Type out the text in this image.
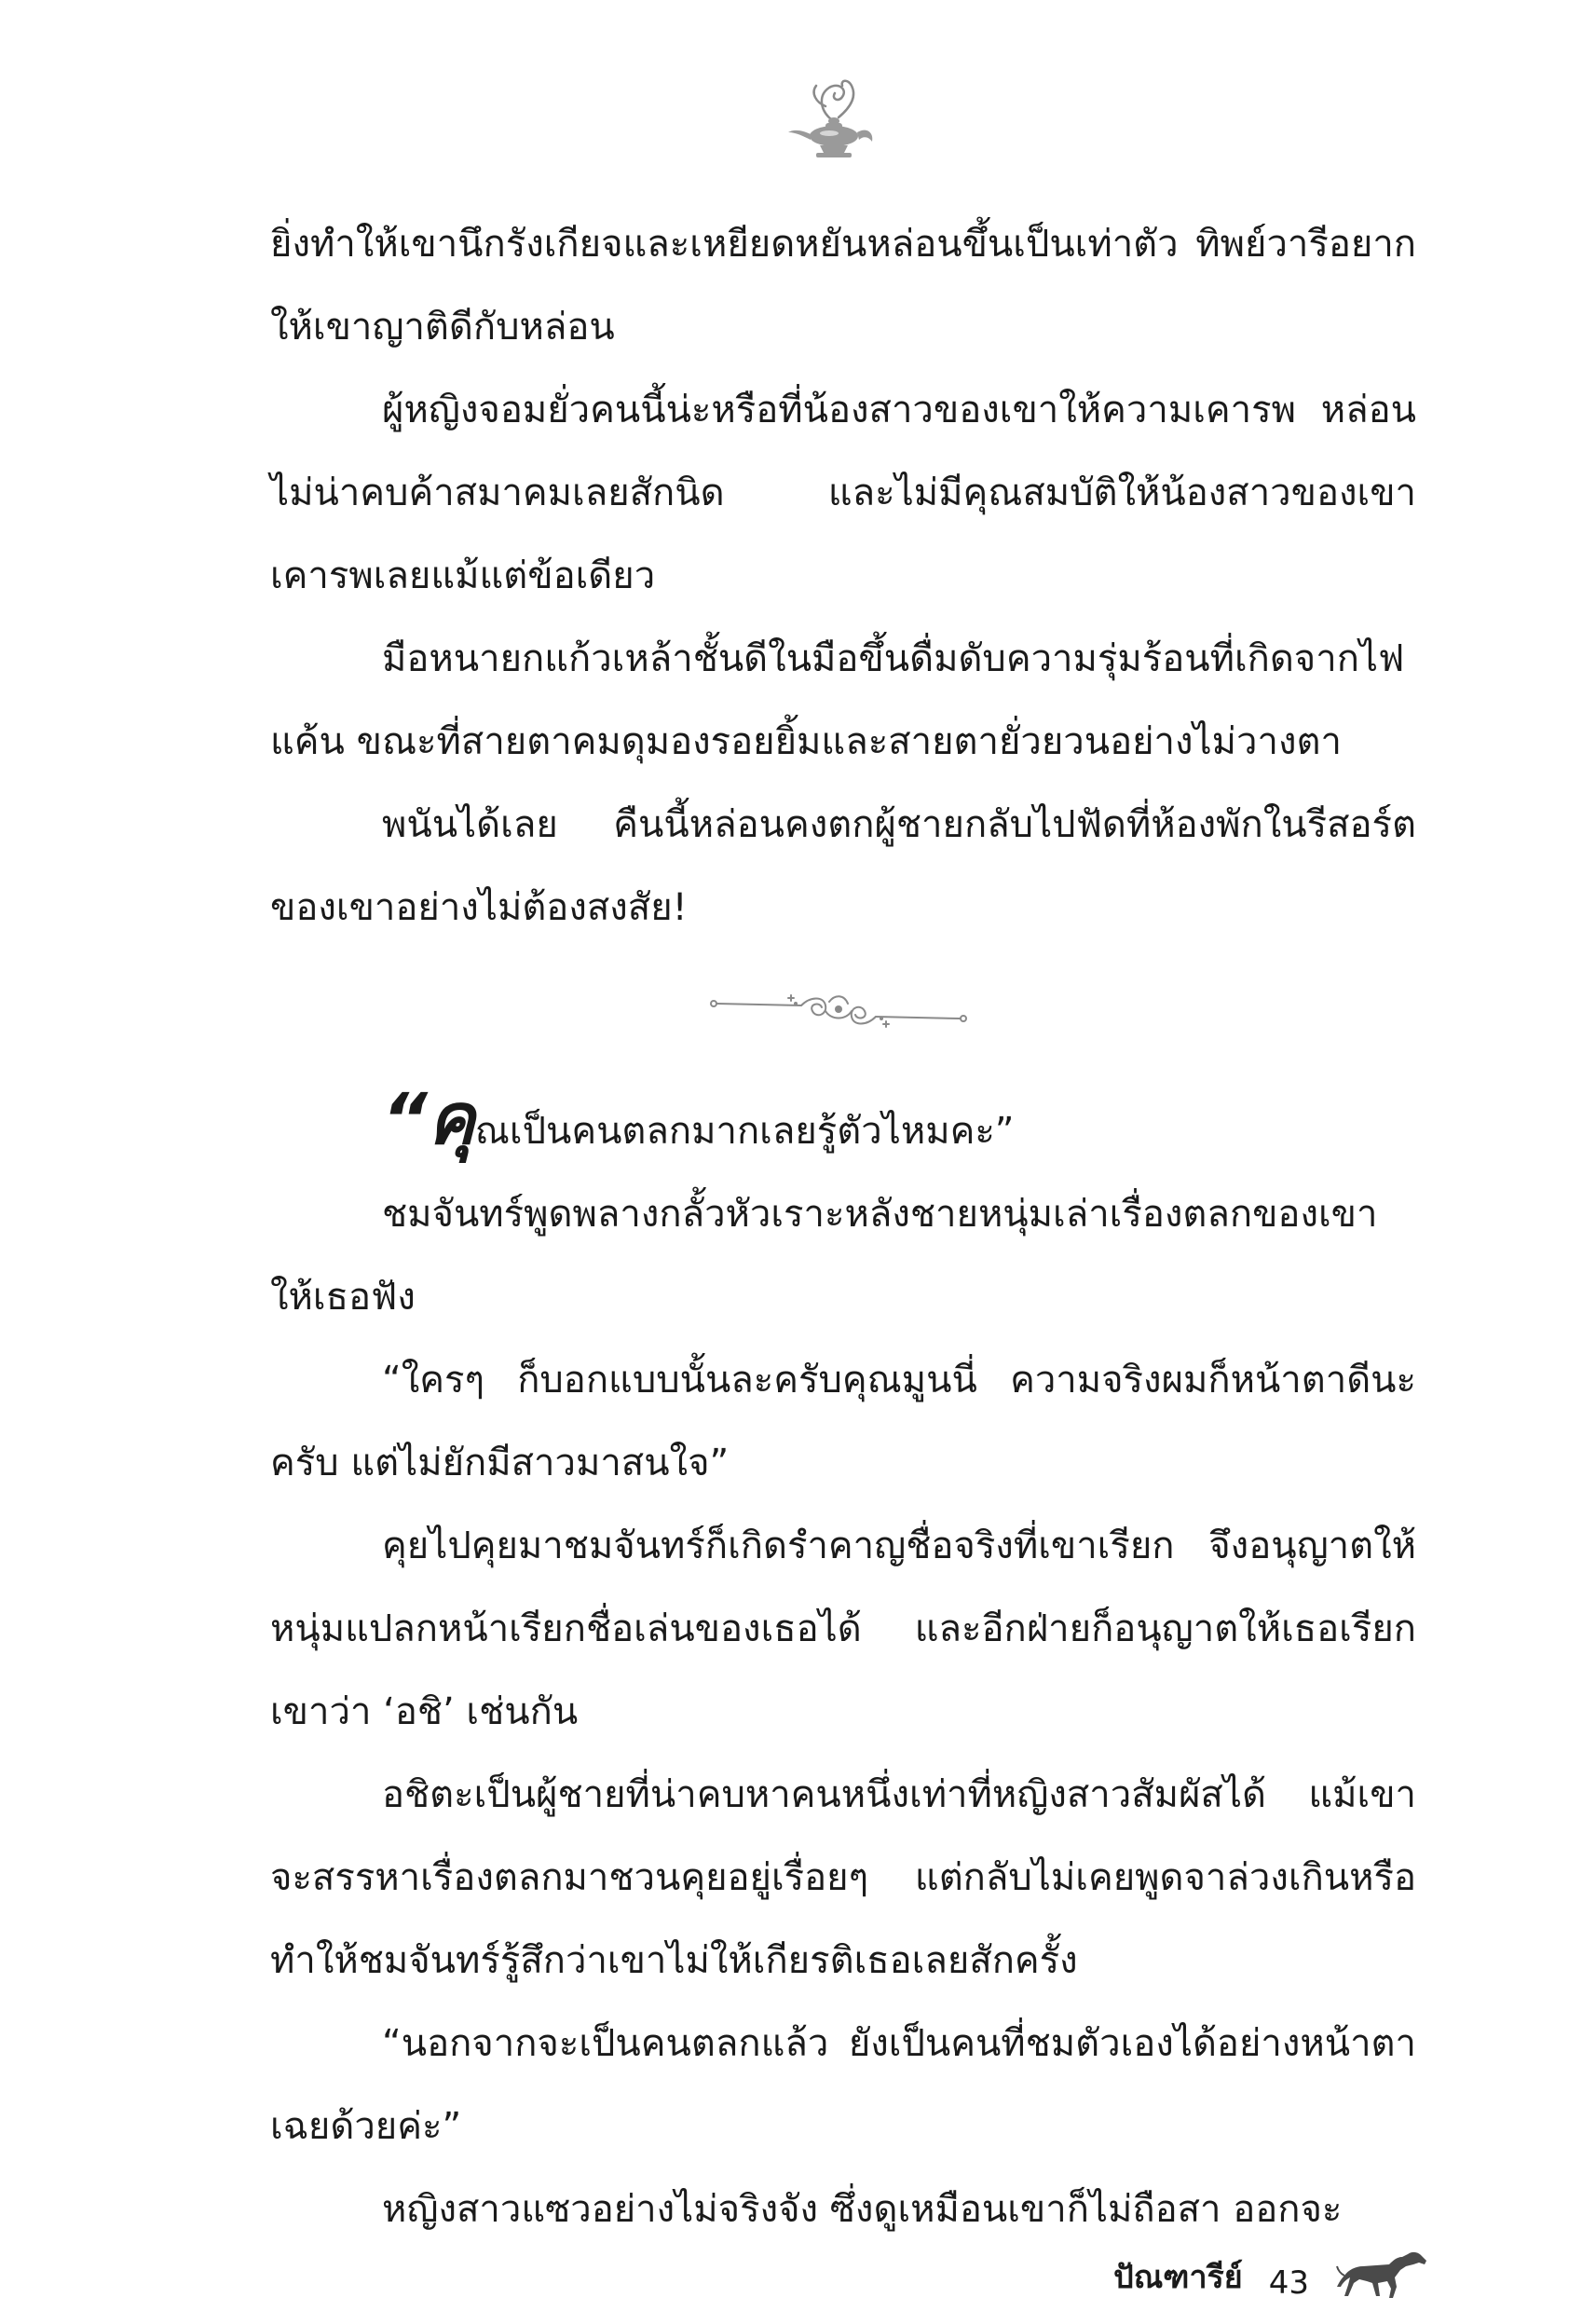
ยิ่งทำให้เขานึกรังเกียจและเหยียดหยันหล่อนขึ้นเป็นเท่าตัว ทิพย์วารีอยากให้เขาญาติดีกับหล่อน

ผู้หญิงจอมยั่วคนนี้น่ะหรือที่น้องสาวของเขาให้ความเคารพ หล่อนไม่น่าคบค้าสมาคมเลยสักนิด และไม่มีคุณสมบัติให้น้องสาวของเขาเคารพเลยแม้แต่ข้อเดียว

มือหนายกแก้วเหล้าชั้นดีในมือขึ้นดื่มดับความรุ่มร้อนที่เกิดจากไฟแค้น ขณะที่สายตาคมดุมองรอยยิ้มและสายตายั่วยวนอย่างไม่วางตา

พนันได้เลย คืนนี้หล่อนคงตกผู้ชายกลับไปฟัดที่ห้องพักในรีสอร์ตของเขาอย่างไม่ต้องสงสัย!

“คุณเป็นคนตลกมากเลยรู้ตัวไหมคะ”

ชมจันทร์พูดพลางกลั้วหัวเราะหลังชายหนุ่มเล่าเรื่องตลกของเขาให้เธอฟัง

“ใครๆ ก็บอกแบบนั้นละครับคุณมูนนี่ ความจริงผมก็หน้าตาดีนะครับ แต่ไม่ยักมีสาวมาสนใจ”

คุยไปคุยมาชมจันทร์ก็เกิดรำคาญชื่อจริงที่เขาเรียก จึงอนุญาตให้หนุ่มแปลกหน้าเรียกชื่อเล่นของเธอได้ และอีกฝ่ายก็อนุญาตให้เธอเรียกเขาว่า ‘อชิ’ เช่นกัน

อชิตะเป็นผู้ชายที่น่าคบหาคนหนึ่งเท่าที่หญิงสาวสัมผัสได้ แม้เขาจะสรรหาเรื่องตลกมาชวนคุยอยู่เรื่อยๆ แต่กลับไม่เคยพูดจาล่วงเกินหรือทำให้ชมจันทร์รู้สึกว่าเขาไม่ให้เกียรติเธอเลยสักครั้ง

“นอกจากจะเป็นคนตลกแล้ว ยังเป็นคนที่ชมตัวเองได้อย่างหน้าตาเฉยด้วยค่ะ”

หญิงสาวแซวอย่างไม่จริงจัง ซึ่งดูเหมือนเขาก็ไม่ถือสา ออกจะ

ปัณฑารีย์ 43
